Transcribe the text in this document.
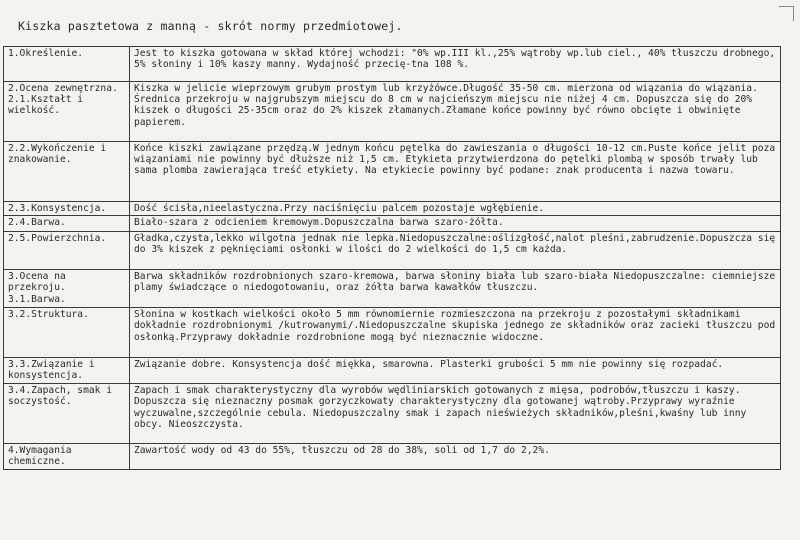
Kiszka pasztetowa z manną - skrót normy przedmiotowej.
1.Określenie.	Jest to kiszka gotowana w skład której wchodzi: "0% wp.III kl.,25% wątroby wp.lub ciel., 40% tłuszczu drobnego, 5% słoniny i 10% kaszy manny. Wydajność przecię-tna 108 %.

2.Ocena zewnętrzna.
2.1.Kształt i wielkość.	Kiszka w jelicie wieprzowym grubym prostym lub krzyżówce.Długość 35-50 cm. mierzona od wiązania do wiązania. Średnica przekroju w najgrubszym miejscu do 8 cm w najcieńszym miejscu nie niżej 4 cm. Dopuszcza się do 20% kiszek o długości 25-35cm oraz do 2% kiszek złamanych.Złamane końce powinny być równo obcięte i obwinięte papierem.
2.2.Wykończenie i znakowanie.	Końce kiszki zawiązane przędzą.W jednym końcu pętelka do zawieszania o długości 10-12 cm.Puste końce jelit poza wiązaniami nie powinny być dłuższe niż 1,5 cm. Etykieta przytwierdzona do pętelki plombą w sposób trwały lub sama plomba zawierająca treść etykiety. Na etykiecie powinny być podane: znak producenta i nazwa towaru.
2.3.Konsystencja.	Dość ścisła,nieelastyczna.Przy naciśnięciu palcem pozostaje wgłębienie.
2.4.Barwa.	Biało-szara z odcieniem kremowym.Dopuszczalna barwa szaro-żółta.
2.5.Powierzchnia.	Gładka,czysta,lekko wilgotna jednak nie lepka.Niedopuszczalne:oślizgłość,nalot pleśni,zabrudzenie.Dopuszcza się do 3% kiszek z pęknięciami osłonki w ilości do 2 wielkości do 1,5 cm każda.

3.Ocena na przekroju.
3.1.Barwa.	Barwa składników rozdrobnionych szaro-kremowa, barwa słoniny biała lub szaro-biała Niedopuszczalne: ciemniejsze plamy świadczące o niedogotowaniu, oraz żółta barwa kawałków tłuszczu.
3.2.Struktura.	Słonina w kostkach wielkości około 5 mm równomiernie rozmieszczona na przekroju z pozostałymi składnikami dokładnie rozdrobnionymi /kutrowanymi/.Niedopuszczalne skupiska jednego ze składników oraz zacieki tłuszczu pod osłonką.Przyprawy dokładnie rozdrobnione mogą być nieznacznie widoczne.
3.3.Związanie i konsystencja.	Związanie dobre. Konsystencja dość miękka, smarowna. Plasterki grubości 5 mm nie powinny się rozpadać.
3.4.Zapach, smak i soczystość.	Zapach i smak charakterystyczny dla wyrobów wędliniarskich gotowanych z mięsa, podrobów,tłuszczu i kaszy. Dopuszcza się nieznaczny posmak gorzyczkowaty charakterystyczny dla gotowanej wątroby.Przyprawy wyraźnie wyczuwalne,szczególnie cebula. Niedopuszczalny smak i zapach nieświeżych składników,pleśni,kwaśny lub inny obcy. Nieoszczysta.
4.Wymagania chemiczne.	Zawartość wody od 43 do 55%, tłuszczu od 28 do 38%, soli od 1,7 do 2,2%.
